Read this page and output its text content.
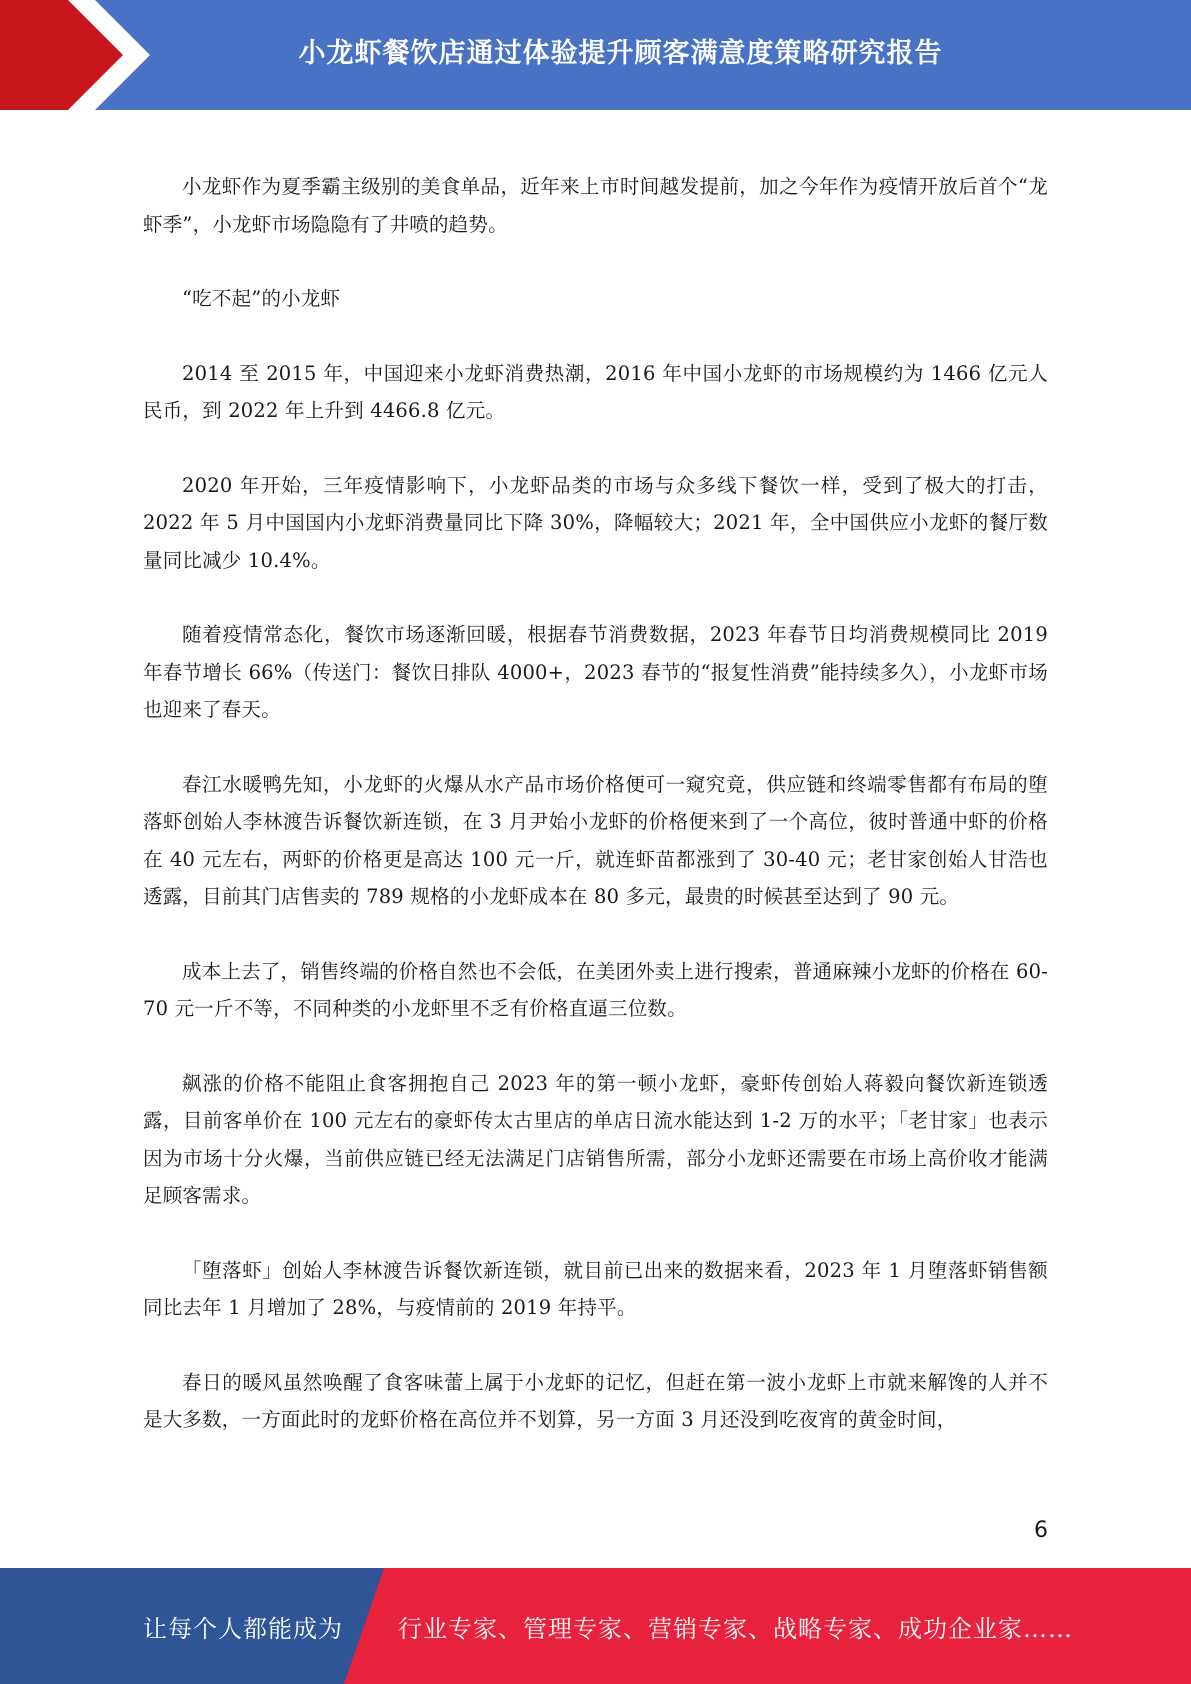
小龙虾餐饮店通过体验提升顾客满意度策略研究报告

小龙虾作为夏季霸主级别的美食单品，近年来上市时间越发提前，加之今年作为疫情开放后首个“龙虾季”，小龙虾市场隐隐有了井喷的趋势。

“吃不起”的小龙虾

2014 至 2015 年，中国迎来小龙虾消费热潮，2016 年中国小龙虾的市场规模约为 1466 亿元人民币，到 2022 年上升到 4466.8 亿元。

2020 年开始，三年疫情影响下，小龙虾品类的市场与众多线下餐饮一样，受到了极大的打击，2022 年 5 月中国国内小龙虾消费量同比下降 30%，降幅较大；2021 年，全中国供应小龙虾的餐厅数量同比减少 10.4%。

随着疫情常态化，餐饮市场逐渐回暖，根据春节消费数据，2023 年春节日均消费规模同比 2019 年春节增长 66%（传送门：餐饮日排队 4000+，2023 春节的“报复性消费”能持续多久），小龙虾市场也迎来了春天。

春江水暖鸭先知，小龙虾的火爆从水产品市场价格便可一窥究竟，供应链和终端零售都有布局的堕落虾创始人李林渡告诉餐饮新连锁，在 3 月尹始小龙虾的价格便来到了一个高位，彼时普通中虾的价格在 40 元左右，两虾的价格更是高达 100 元一斤，就连虾苗都涨到了 30-40 元；老甘家创始人甘浩也透露，目前其门店售卖的 789 规格的小龙虾成本在 80 多元，最贵的时候甚至达到了 90 元。

成本上去了，销售终端的价格自然也不会低，在美团外卖上进行搜索，普通麻辣小龙虾的价格在 60-70 元一斤不等，不同种类的小龙虾里不乏有价格直逼三位数。

飙涨的价格不能阻止食客拥抱自己 2023 年的第一顿小龙虾，豪虾传创始人蒋毅向餐饮新连锁透露，目前客单价在 100 元左右的豪虾传太古里店的单店日流水能达到 1-2 万的水平；「老甘家」也表示因为市场十分火爆，当前供应链已经无法满足门店销售所需，部分小龙虾还需要在市场上高价收才能满足顾客需求。

「堕落虾」创始人李林渡告诉餐饮新连锁，就目前已出来的数据来看，2023 年 1 月堕落虾销售额同比去年 1 月增加了 28%，与疫情前的 2019 年持平。

春日的暖风虽然唤醒了食客味蕾上属于小龙虾的记忆，但赶在第一波小龙虾上市就来解馋的人并不是大多数，一方面此时的龙虾价格在高位并不划算，另一方面 3 月还没到吃夜宵的黄金时间，

6
让每个人都能成为 行业专家、管理专家、营销专家、战略专家、成功企业家……
